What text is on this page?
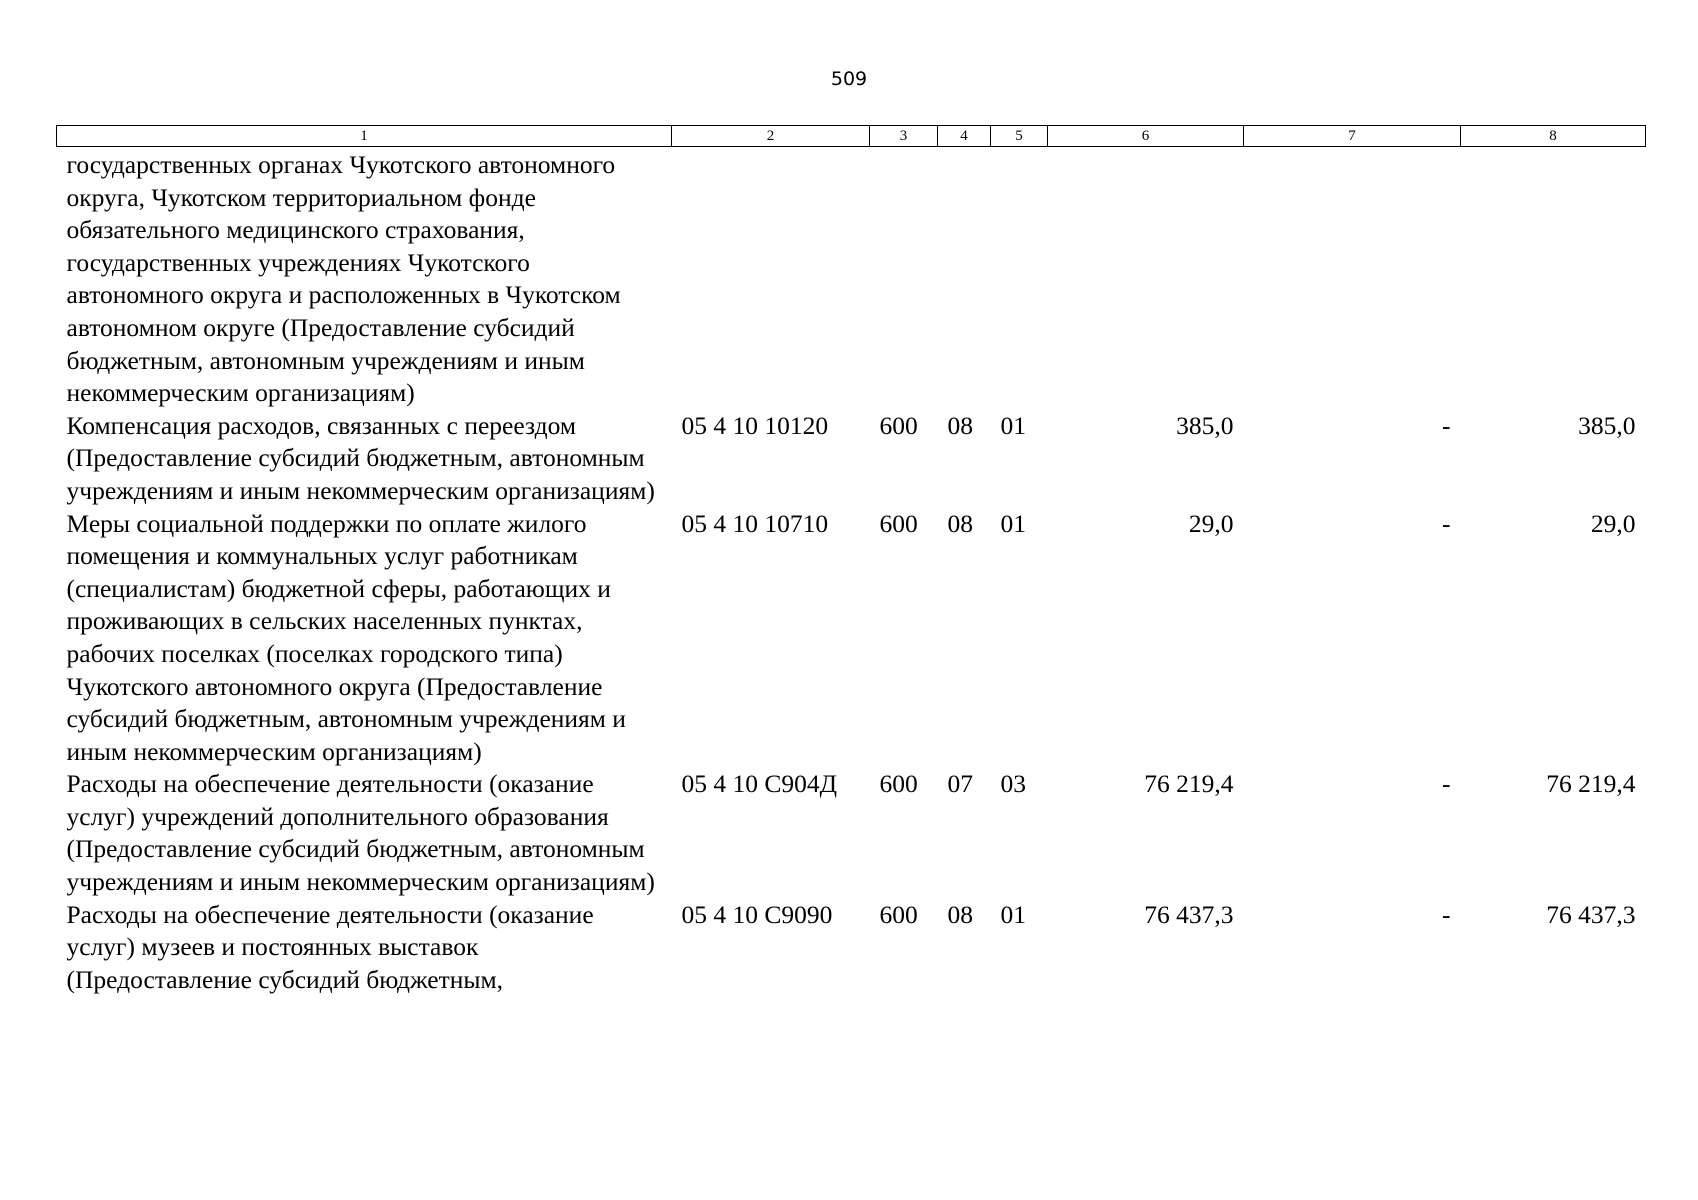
509
1	2	3	4	5	6	7	8
государственных органах Чукотского автономного округа, Чукотском территориальном фонде обязательного медицинского страхования, государственных учреждениях Чукотского автономного округа и расположенных в Чукотском автономном округе (Предоставление субсидий бюджетным, автономным учреждениям и иным некоммерческим организациям)							
Компенсация расходов, связанных с переездом (Предоставление субсидий бюджетным, автономным учреждениям и иным некоммерческим организациям)	05 4 10 10120	600	08	01	385,0	-	385,0
Меры социальной поддержки по оплате жилого помещения и коммунальных услуг работникам (специалистам) бюджетной сферы, работающих и проживающих в сельских населенных пунктах, рабочих поселках (поселках городского типа) Чукотского автономного округа (Предоставление субсидий бюджетным, автономным учреждениям и иным некоммерческим организациям)	05 4 10 10710	600	08	01	29,0	-	29,0
Расходы на обеспечение деятельности (оказание услуг) учреждений дополнительного образования (Предоставление субсидий бюджетным, автономным учреждениям и иным некоммерческим организациям)	05 4 10 С904Д	600	07	03	76 219,4	-	76 219,4
Расходы на обеспечение деятельности (оказание услуг) музеев и постоянных выставок (Предоставление субсидий бюджетным,	05 4 10 С9090	600	08	01	76 437,3	-	76 437,3
